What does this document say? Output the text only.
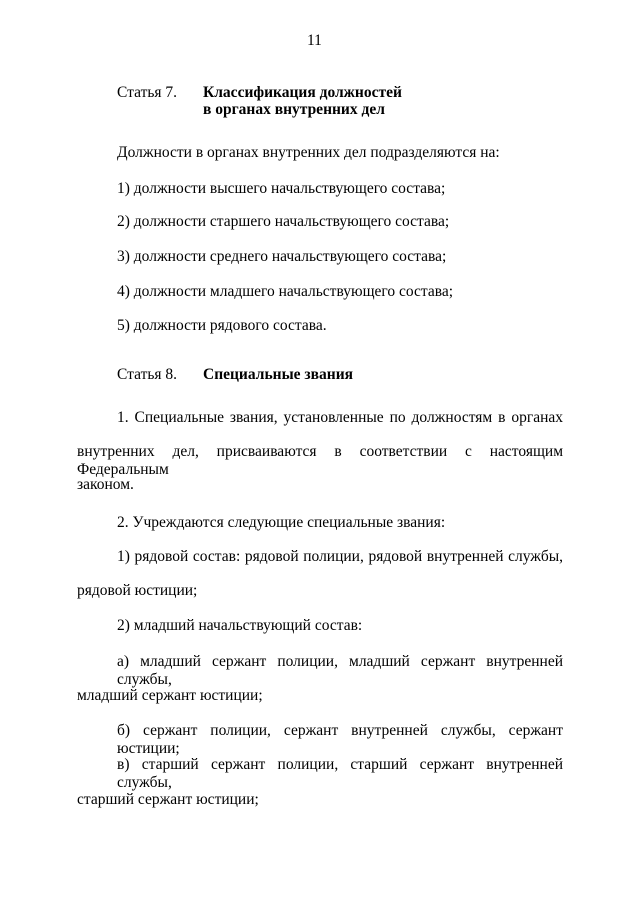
11
Статья 7. Классификация должностей
в органах внутренних дел
Должности в органах внутренних дел подразделяются на:
1) должности высшего начальствующего состава;
2) должности старшего начальствующего состава;
3) должности среднего начальствующего состава;
4) должности младшего начальствующего состава;
5) должности рядового состава.
Статья 8. Специальные звания
1. Специальные звания, установленные по должностям в органах
внутренних дел, присваиваются в соответствии с настоящим Федеральным
законом.
2. Учреждаются следующие специальные звания:
1) рядовой состав: рядовой полиции, рядовой внутренней службы,
рядовой юстиции;
2) младший начальствующий состав:
а) младший сержант полиции, младший сержант внутренней службы,
младший сержант юстиции;
б) сержант полиции, сержант внутренней службы, сержант юстиции;
в) старший сержант полиции, старший сержант внутренней службы,
старший сержант юстиции;
